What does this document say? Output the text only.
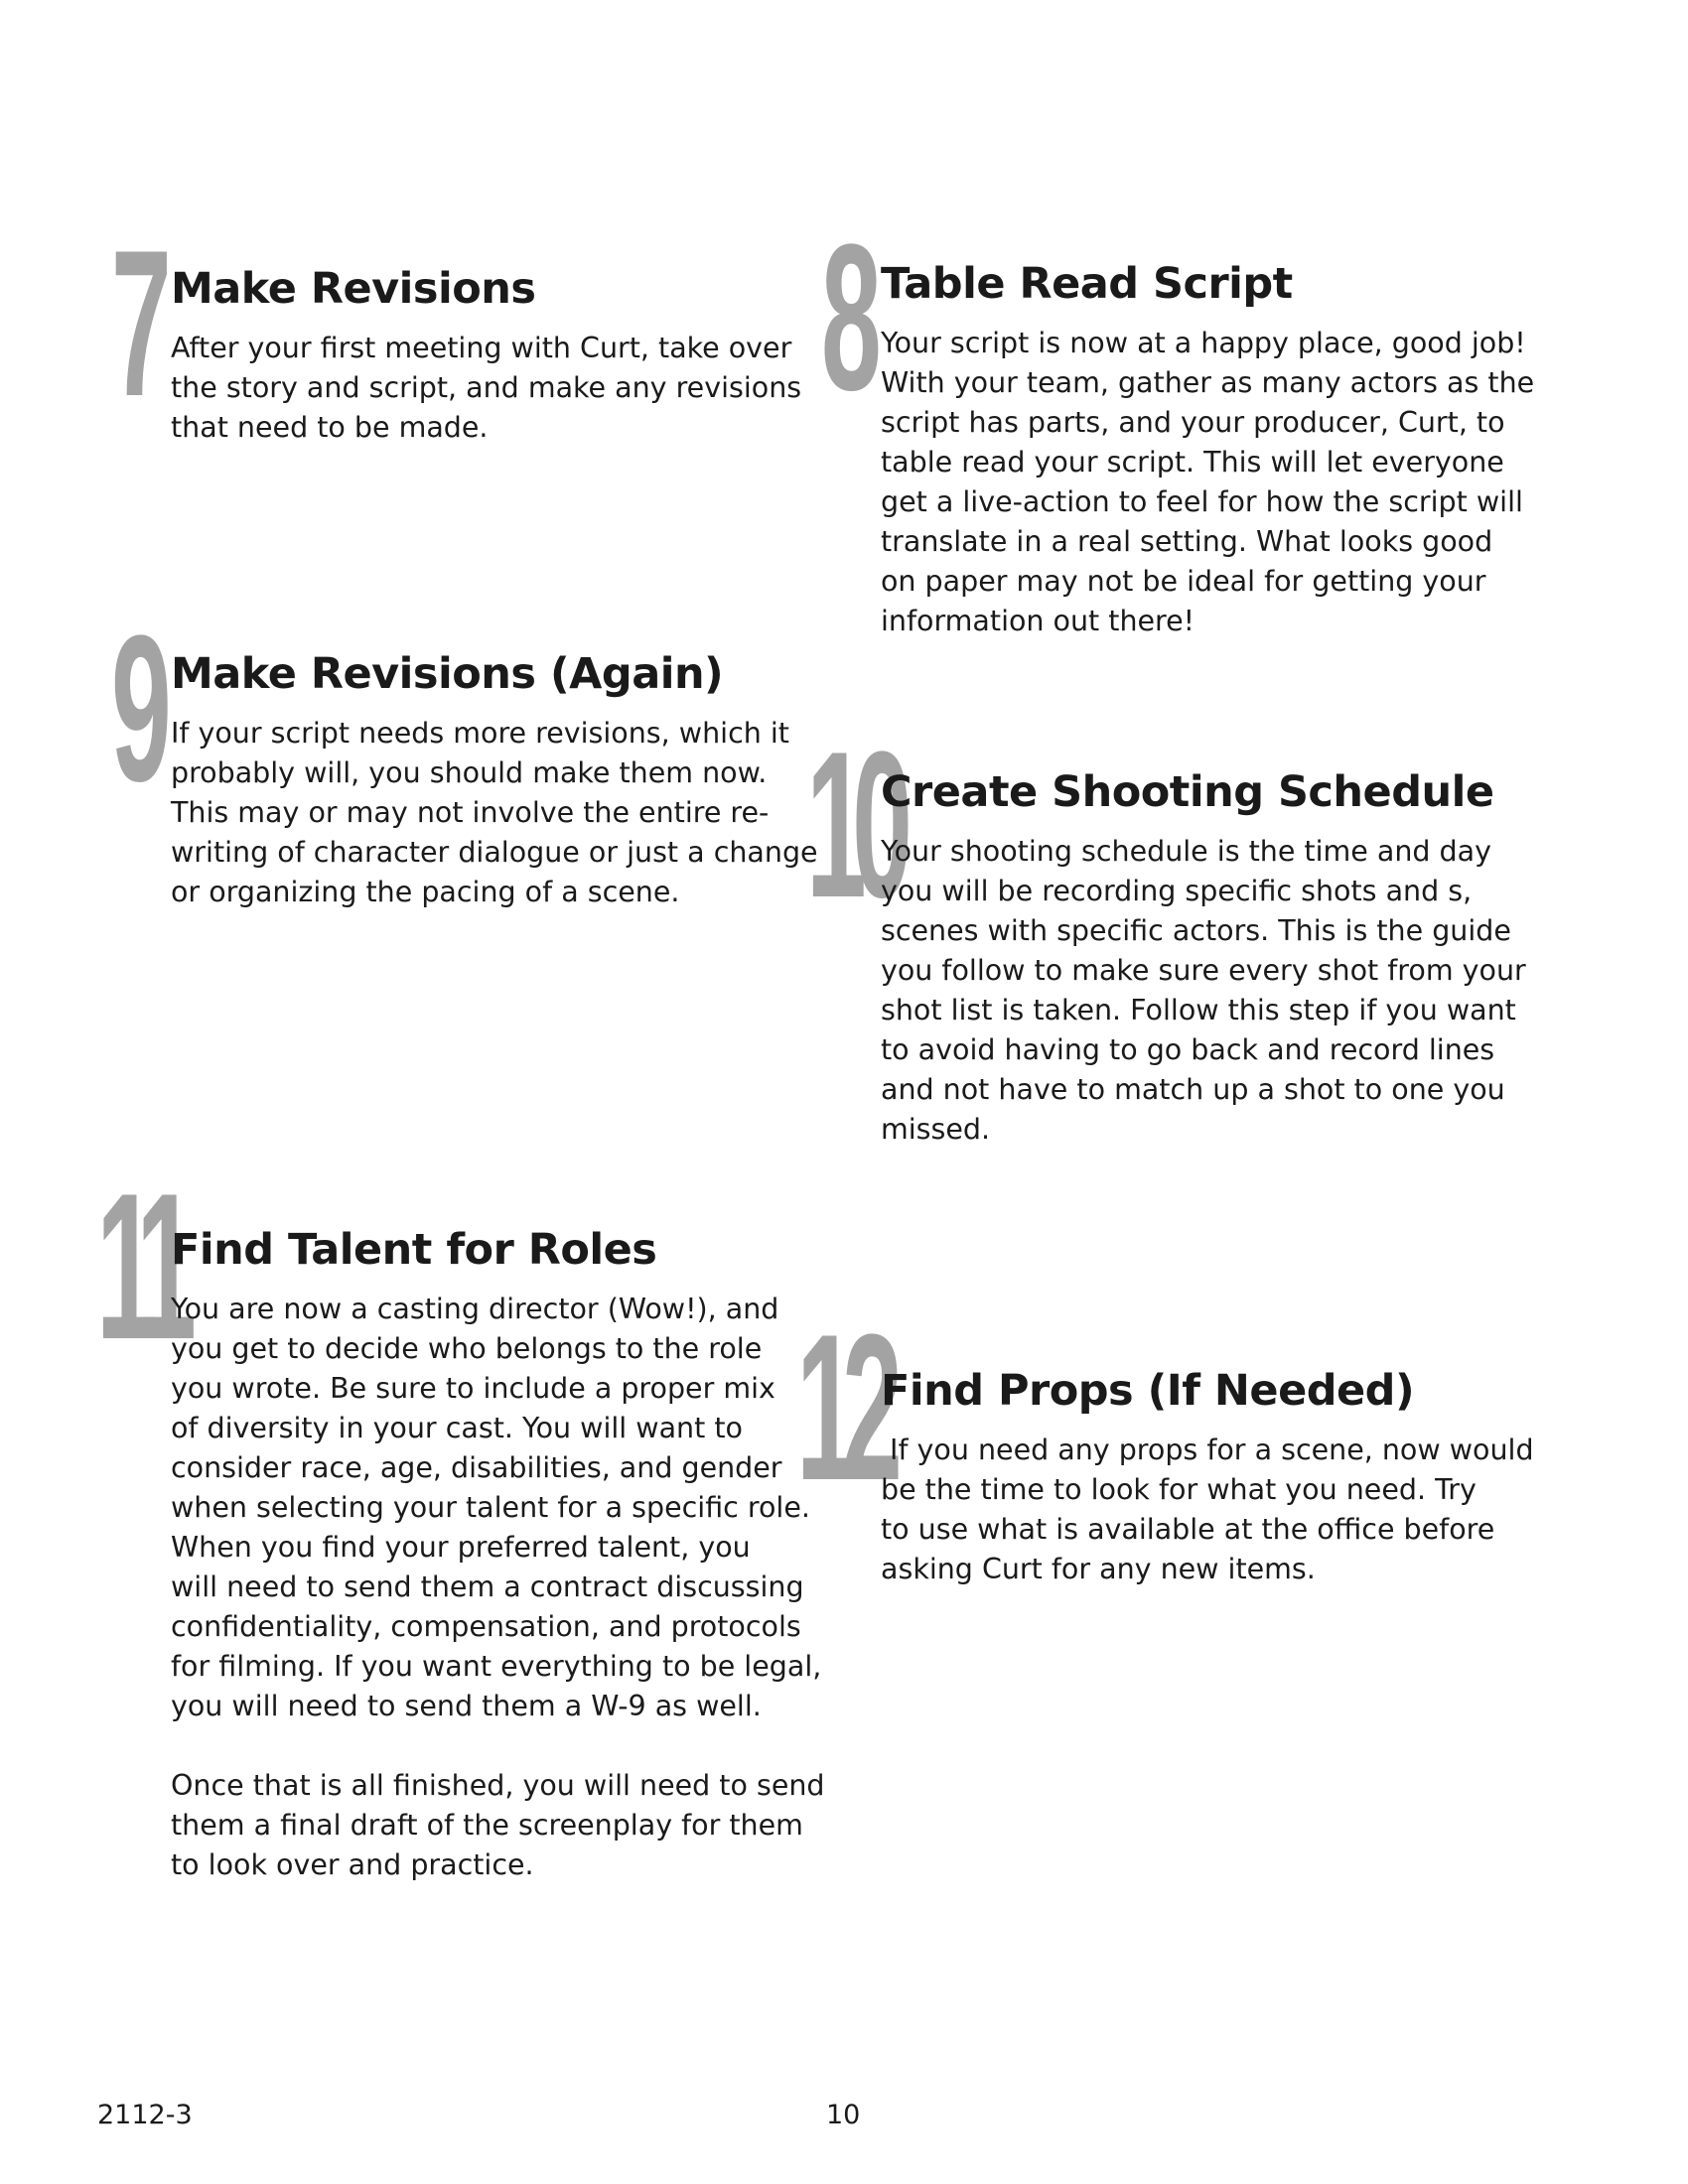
7 Make Revisions

After your first meeting with Curt, take over

the story and script, and make any revisions

that need to be made.	8 Table Read Script

Your script is now at a happy place, good job!

With your team, gather as many actors as the

script has parts, and your producer, Curt, to

table read your script. This will let everyone

get a live-action to feel for how the script will

translate in a real setting. What looks good

on paper may not be ideal for getting your

information out there!

9 Make Revisions (Again)

If your script needs more revisions, which it

probably will, you should make them now.

This may or may not involve the entire re-

writing of character dialogue or just a change

or organizing the pacing of a scene. 10
Create Shooting Schedule

Your shooting schedule is the time and day

you will be recording specific shots and s,

scenes with specific actors. This is the guide

you follow to make sure every shot from your

shot list is taken. Follow this step if you want

to avoid having to go back and record lines

and not have to match up a shot to one you

missed.

11
Find Talent for Roles

You are now a casting director (Wow!), and

you get to decide who belongs to the role

you wrote. Be sure to include a proper mix

of diversity in your cast. You will want to

consider race, age, disabilities, and gender

when selecting your talent for a specific role.

When you find your preferred talent, you

will need to send them a contract discussing

confidentiality, compensation, and protocols

for filming. If you want everything to be legal,

you will need to send them a W-9 as well.

Once that is all finished, you will need to send

them a final draft of the screenplay for them

to look over and practice.

12
Find Props (If Needed)

If you need any props for a scene, now would

be the time to look for what you need. Try

to use what is available at the office before

asking Curt for any new items.

2112-3	10
